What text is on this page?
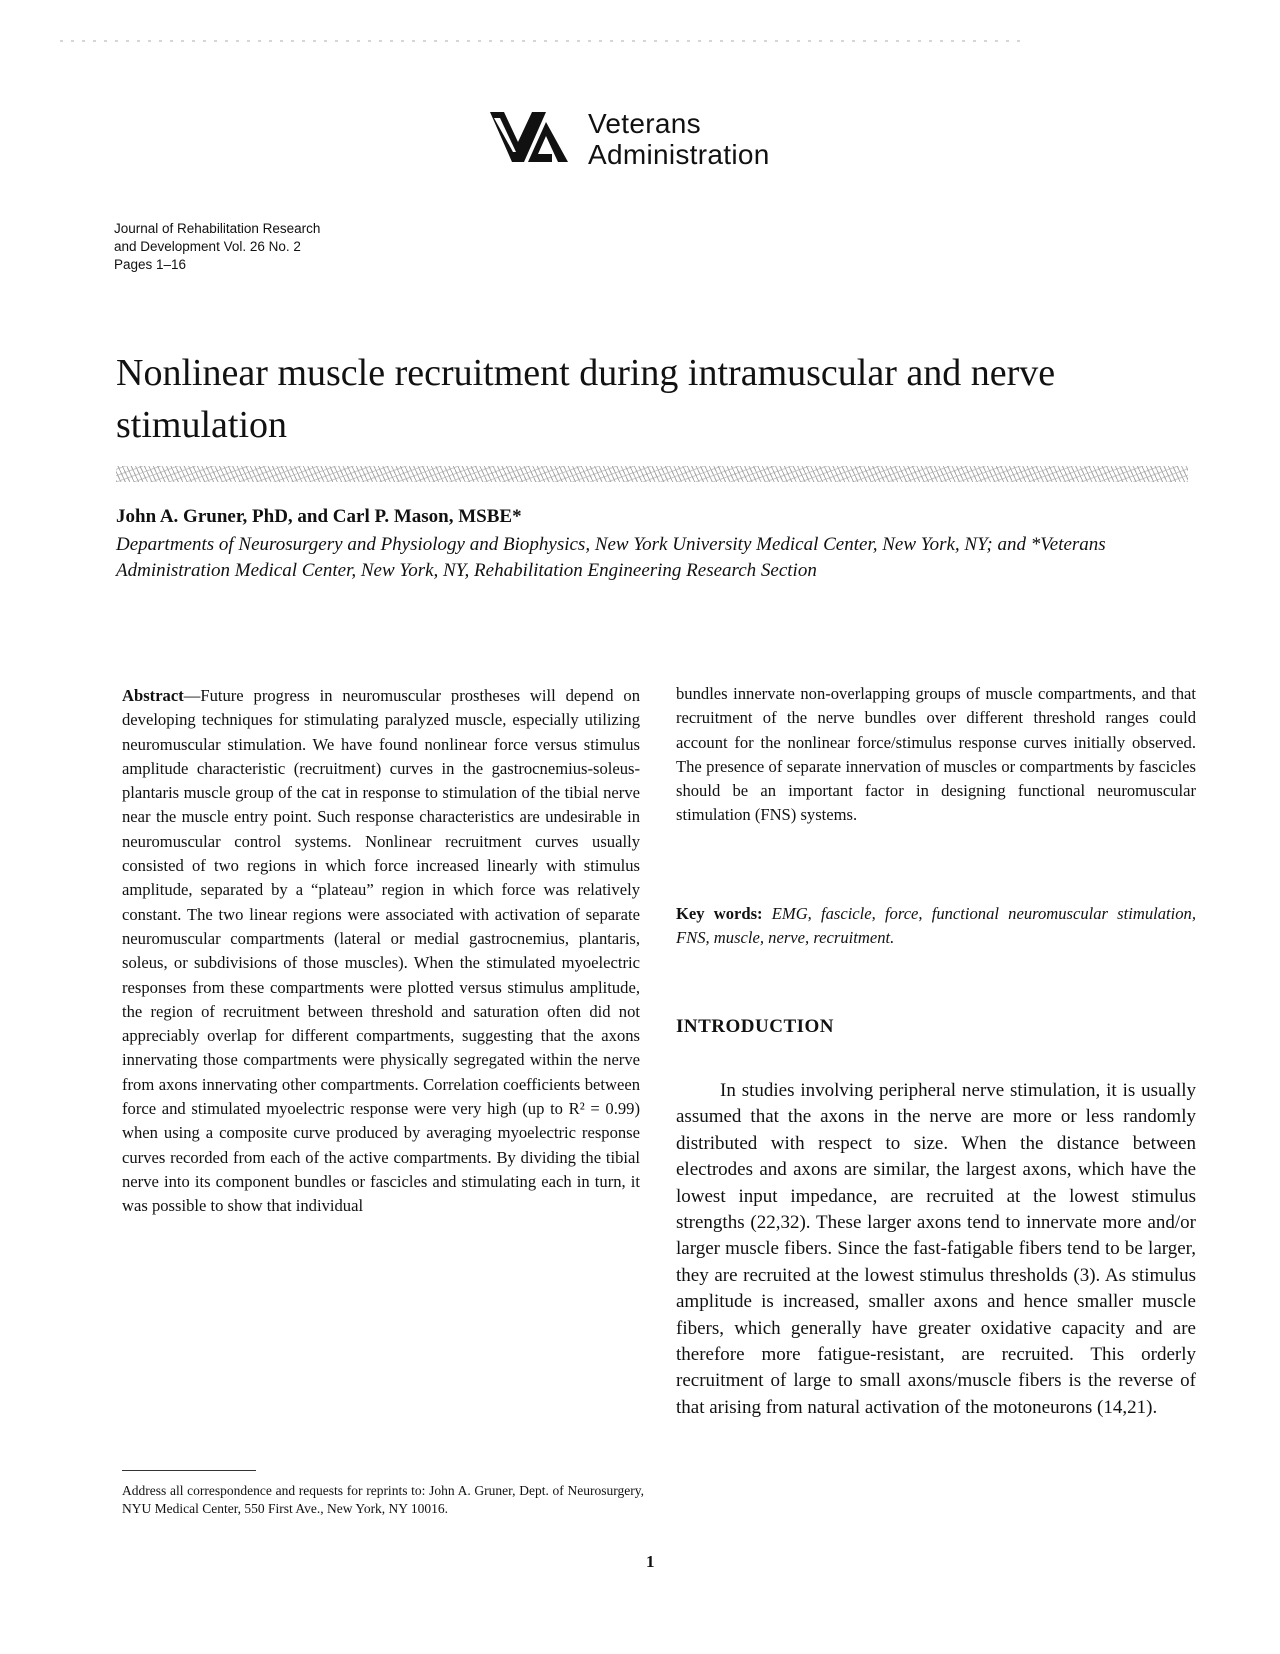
Veterans
Administration
Journal of Rehabilitation Research
and Development Vol. 26 No. 2
Pages 1–16
Nonlinear muscle recruitment during intramuscular and nerve stimulation
John A. Gruner, PhD, and Carl P. Mason, MSBE*
Departments of Neurosurgery and Physiology and Biophysics, New York University Medical Center, New York, NY; and *Veterans Administration Medical Center, New York, NY, Rehabilitation Engineering Research Section

Abstract—Future progress in neuromuscular prostheses will depend on developing techniques for stimulating paralyzed muscle, especially utilizing neuromuscular stimulation. We have found nonlinear force versus stimulus amplitude characteristic (recruitment) curves in the gastrocnemius-soleus-plantaris muscle group of the cat in response to stimulation of the tibial nerve near the muscle entry point. Such response characteristics are undesirable in neuromuscular control systems. Nonlinear recruitment curves usually consisted of two regions in which force increased linearly with stimulus amplitude, separated by a “plateau” region in which force was relatively constant. The two linear regions were associated with activation of separate neuromuscular compartments (lateral or medial gastrocnemius, plantaris, soleus, or subdivisions of those muscles). When the stimulated myoelectric responses from these compartments were plotted versus stimulus amplitude, the region of recruitment between threshold and saturation often did not appreciably overlap for different compartments, suggesting that the axons innervating those compartments were physically segregated within the nerve from axons innervating other compartments. Correlation coefficients between force and stimulated myoelectric response were very high (up to R² = 0.99) when using a composite curve produced by averaging myoelectric response curves recorded from each of the active compartments. By dividing the tibial nerve into its component bundles or fascicles and stimulating each in turn, it was possible to show that individual

bundles innervate non-overlapping groups of muscle compartments, and that recruitment of the nerve bundles over different threshold ranges could account for the nonlinear force/stimulus response curves initially observed. The presence of separate innervation of muscles or compartments by fascicles should be an important factor in designing functional neuromuscular stimulation (FNS) systems.

Key words: EMG, fascicle, force, functional neuromuscular stimulation, FNS, muscle, nerve, recruitment.
INTRODUCTION

In studies involving peripheral nerve stimulation, it is usually assumed that the axons in the nerve are more or less randomly distributed with respect to size. When the distance between electrodes and axons are similar, the largest axons, which have the lowest input impedance, are recruited at the lowest stimulus strengths (22,32). These larger axons tend to innervate more and/or larger muscle fibers. Since the fast-fatigable fibers tend to be larger, they are recruited at the lowest stimulus thresholds (3). As stimulus amplitude is increased, smaller axons and hence smaller muscle fibers, which generally have greater oxidative capacity and are therefore more fatigue-resistant, are recruited. This orderly recruitment of large to small axons/muscle fibers is the reverse of that arising from natural activation of the motoneurons (14,21).

Address all correspondence and requests for reprints to: John A. Gruner, Dept. of Neurosurgery, NYU Medical Center, 550 First Ave., New York, NY 10016.
1
